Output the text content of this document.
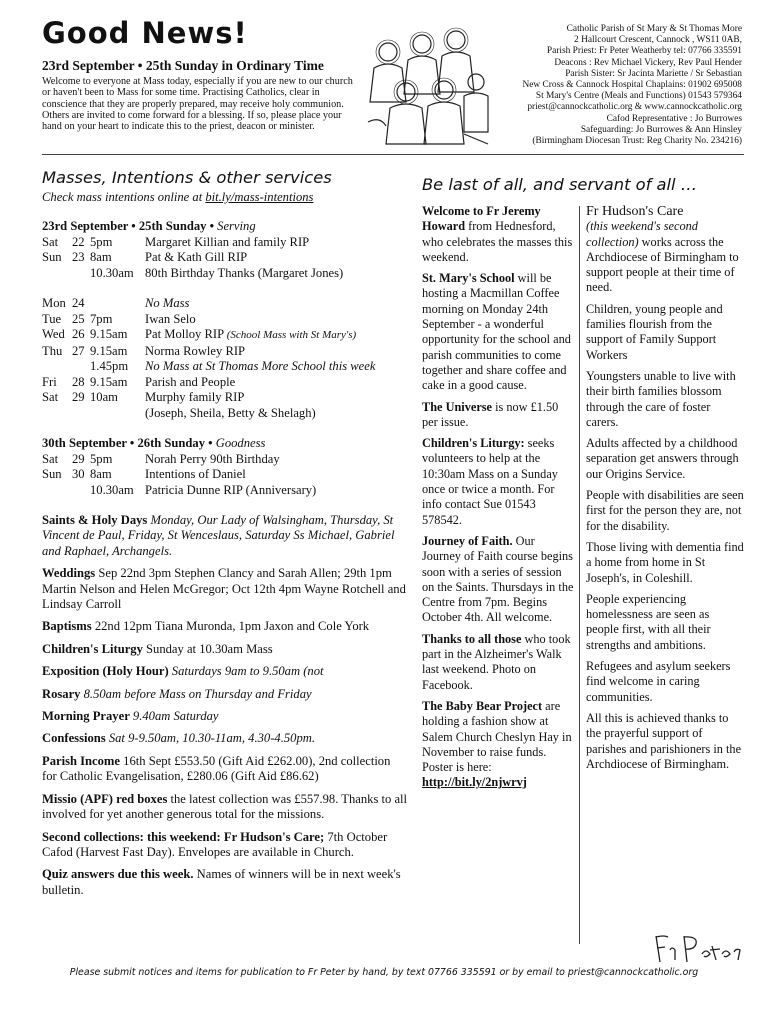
Good News!
23rd September • 25th Sunday in Ordinary Time
Welcome to everyone at Mass today, especially if you are new to our church or haven't been to Mass for some time. Practising Catholics, clear in conscience that they are properly prepared, may receive holy communion. Others are invited to come forward for a blessing. If so, please place your hand on your heart to indicate this to the priest, deacon or minister.
Catholic Parish of St Mary & St Thomas More
2 Hallcourt Crescent, Cannock , WS11 0AB,
Parish Priest: Fr Peter Weatherby tel: 07766 335591
Deacons : Rev Michael Vickery, Rev Paul Hender
Parish Sister: Sr Jacinta Mariette / Sr Sebastian
New Cross & Cannock Hospital Chaplains: 01902 695008
St Mary's Centre (Meals and Functions) 01543 579364
priest@cannockcatholic.org & www.cannockcatholic.org
Cafod Representative : Jo Burrowes
Safeguarding: Jo Burrowes & Ann Hinsley
(Birmingham Diocesan Trust: Reg Charity No. 234216)
Masses, Intentions & other services
Check mass intentions online at bit.ly/mass-intentions
23rd September • 25th Sunday • Serving
Sat	22 5pm	Margaret Killian and family RIP
Sun 23 8am	Pat & Kath Gill RIP
10.30am 80th Birthday Thanks (Margaret Jones)
Mon 24	No Mass
Tue 25 7pm	Iwan Selo
Wed 26 9.15am	Pat Molloy RIP (School Mass with St Mary's)
Thu 27 9.15am	Norma Rowley RIP
1.45pm	No Mass at St Thomas More School this week
Fri	28 9.15am	Parish and People
Sat	29 10am	Murphy family RIP
(Joseph, Sheila, Betty & Shelagh)
30th September • 26th Sunday • Goodness
Sat	29 5pm	Norah Perry 90th Birthday
Sun 30 8am	Intentions of Daniel
10.30am Patricia Dunne RIP (Anniversary)
Saints & Holy Days Monday, Our Lady of Walsingham, Thursday, St Vincent de Paul, Friday, St Wenceslaus, Saturday Ss Michael, Gabriel and Raphael, Archangels.
Weddings Sep 22nd 3pm Stephen Clancy and Sarah Allen; 29th 1pm Martin Nelson and Helen McGregor; Oct 12th 4pm Wayne Rotchell and Lindsay Carroll
Baptisms 22nd 12pm Tiana Muronda, 1pm Jaxon and Cole York
Children's Liturgy Sunday at 10.30am Mass
Exposition (Holy Hour) Saturdays 9am to 9.50am (not
Rosary 8.50am before Mass on Thursday and Friday
Morning Prayer 9.40am Saturday
Confessions Sat 9-9.50am, 10.30-11am, 4.30-4.50pm.
Parish Income 16th Sept £553.50 (Gift Aid £262.00), 2nd collection for Catholic Evangelisation, £280.06 (Gift Aid £86.62)
Missio (APF) red boxes the latest collection was £557.98. Thanks to all involved for yet another generous total for the missions.
Second collections: this weekend: Fr Hudson's Care; 7th October Cafod (Harvest Fast Day). Envelopes are available in Church.
Quiz answers due this week. Names of winners will be in next week's bulletin.
Be last of all, and servant of all …
Welcome to Fr Jeremy Howard from Hednesford, who celebrates the masses this weekend.
St. Mary's School will be hosting a Macmillan Coffee morning on Monday 24th September - a wonderful opportunity for the school and parish communities to come together and share coffee and cake in a good cause.
The Universe is now £1.50 per issue.
Children's Liturgy: seeks volunteers to help at the 10:30am Mass on a Sunday once or twice a month. For info contact Sue 01543 578542.
Journey of Faith. Our Journey of Faith course begins soon with a series of session on the Saints. Thursdays in the Centre from 7pm. Begins October 4th. All welcome.
Thanks to all those who took part in the Alzheimer's Walk last weekend. Photo on Facebook.
The Baby Bear Project are holding a fashion show at Salem Church Cheslyn Hay in November to raise funds. Poster is here:
http://bit.ly/2njwrvj
Fr Hudson's Care
(this weekend's second collection) works across the Archdiocese of Birmingham to support people at their time of need.
Children, young people and families flourish from the support of Family Support Workers
Youngsters unable to live with their birth families blossom through the care of foster carers.
Adults affected by a childhood separation get answers through our Origins Service.
People with disabilities are seen first for the person they are, not for the disability.
Those living with dementia find a home from home in St Joseph's, in Coleshill.
People experiencing homelessness are seen as people first, with all their strengths and ambitions.
Refugees and asylum seekers find welcome in caring communities.
All this is achieved thanks to the prayerful support of parishes and parishioners in the Archdiocese of Birmingham.
Please submit notices and items for publication to Fr Peter by hand, by text 07766 335591 or by email to priest@cannockcatholic.org
